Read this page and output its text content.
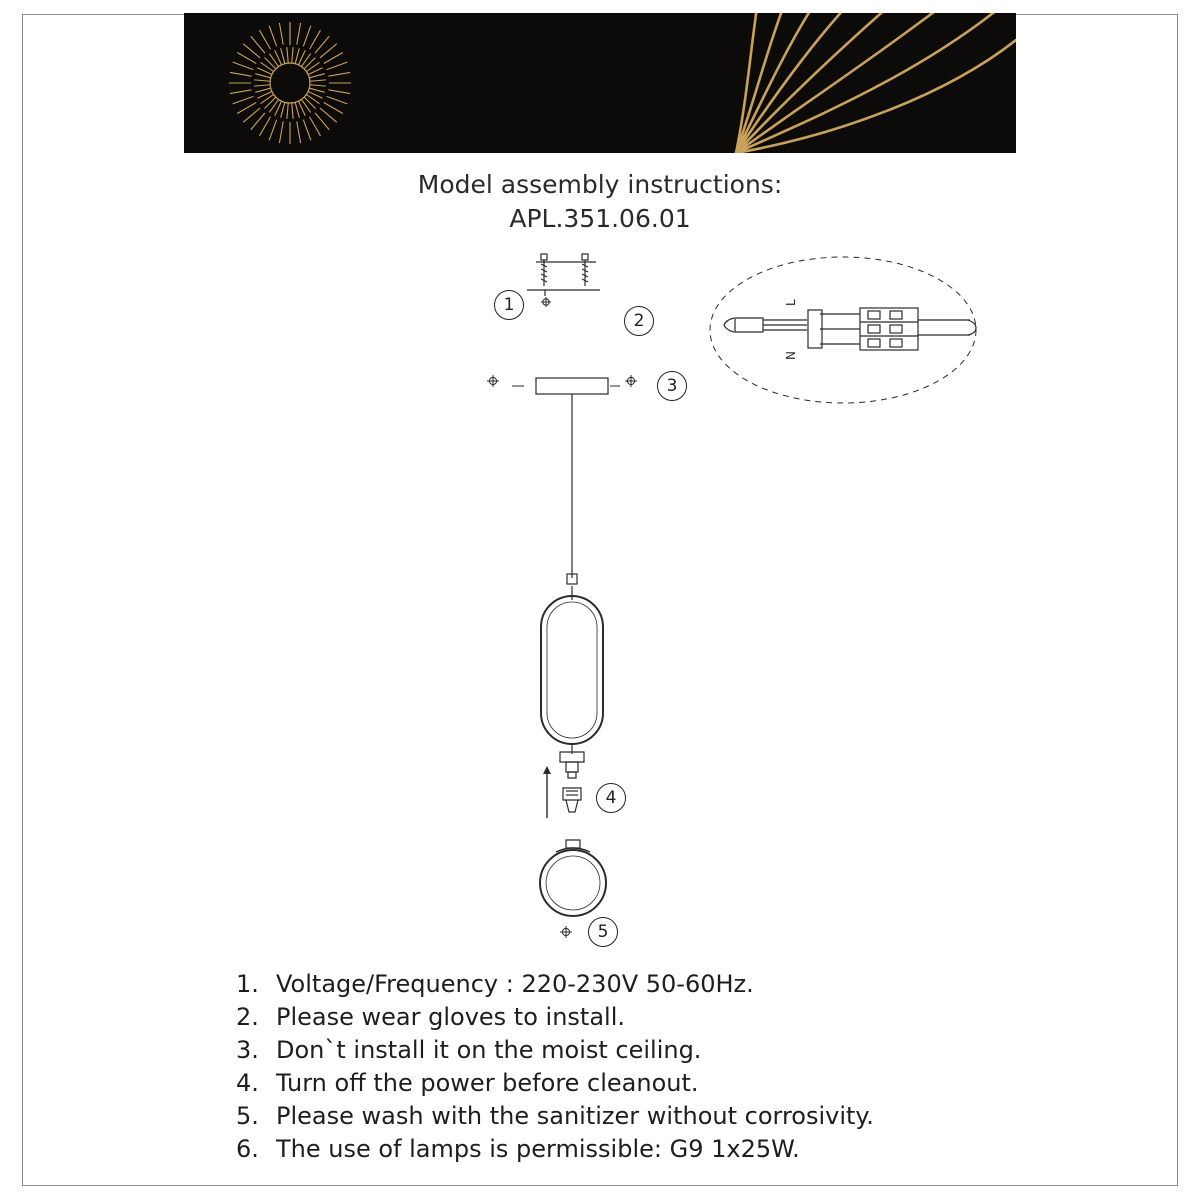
Model assembly instructions:
APL.351.06.01
L
N
1
2
3
4
5
1. Voltage/Frequency : 220-230V 50-60Hz.
2. Please wear gloves to install.
3. Don`t install it on the moist ceiling.
4. Turn off the power before cleanout.
5. Please wash with the sanitizer without corrosivity.
6. The use of lamps is permissible: G9 1x25W.
